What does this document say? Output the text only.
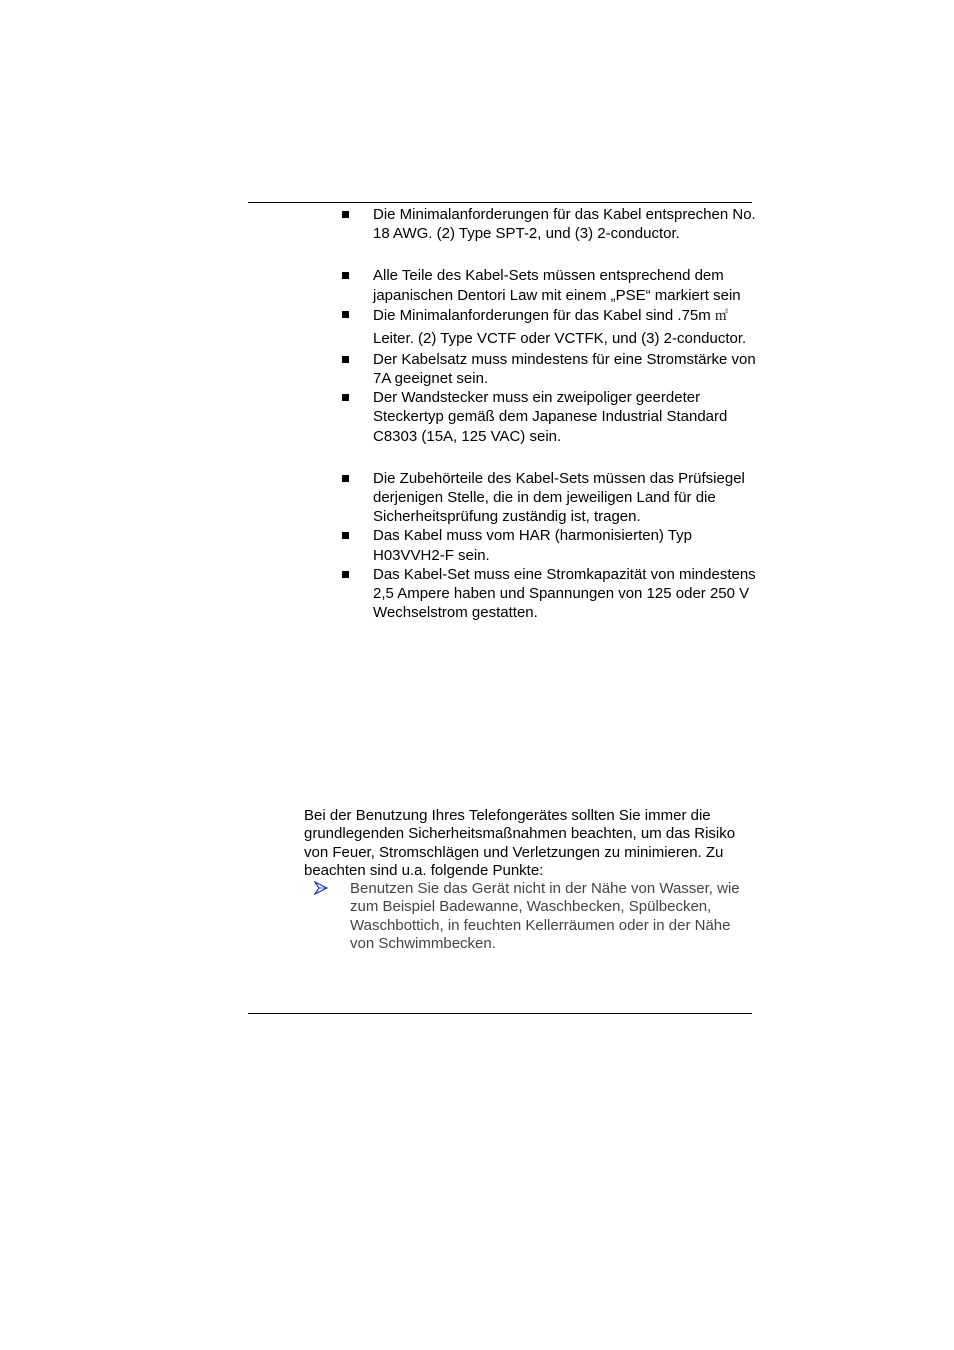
Die Minimalanforderungen für das Kabel entsprechen No. 18 AWG. (2) Type SPT-2, und (3) 2-conductor.
Alle Teile des Kabel-Sets müssen entsprechend dem japanischen Dentori Law mit einem „PSE“ markiert sein
Die Minimalanforderungen für das Kabel sind .75m ㎡ Leiter. (2) Type VCTF oder VCTFK, und (3) 2-conductor.
Der Kabelsatz muss mindestens für eine Stromstärke von 7A geeignet sein.
Der Wandstecker muss ein zweipoliger geerdeter Steckertyp gemäß dem Japanese Industrial Standard C8303 (15A, 125 VAC) sein.
Die Zubehörteile des Kabel-Sets müssen das Prüfsiegel derjenigen Stelle, die in dem jeweiligen Land für die Sicherheitsprüfung zuständig ist, tragen.
Das Kabel muss vom HAR (harmonisierten) Typ H03VVH2-F sein.
Das Kabel-Set muss eine Stromkapazität von mindestens 2,5 Ampere haben und Spannungen von 125 oder 250 V Wechselstrom gestatten.

Bei der Benutzung Ihres Telefongerätes sollten Sie immer die grundlegenden Sicherheitsmaßnahmen beachten, um das Risiko von Feuer, Stromschlägen und Verletzungen zu minimieren. Zu beachten sind u.a. folgende Punkte:

Benutzen Sie das Gerät nicht in der Nähe von Wasser, wie zum Beispiel Badewanne, Waschbecken, Spülbecken, Waschbottich, in feuchten Kellerräumen oder in der Nähe von Schwimmbecken.
